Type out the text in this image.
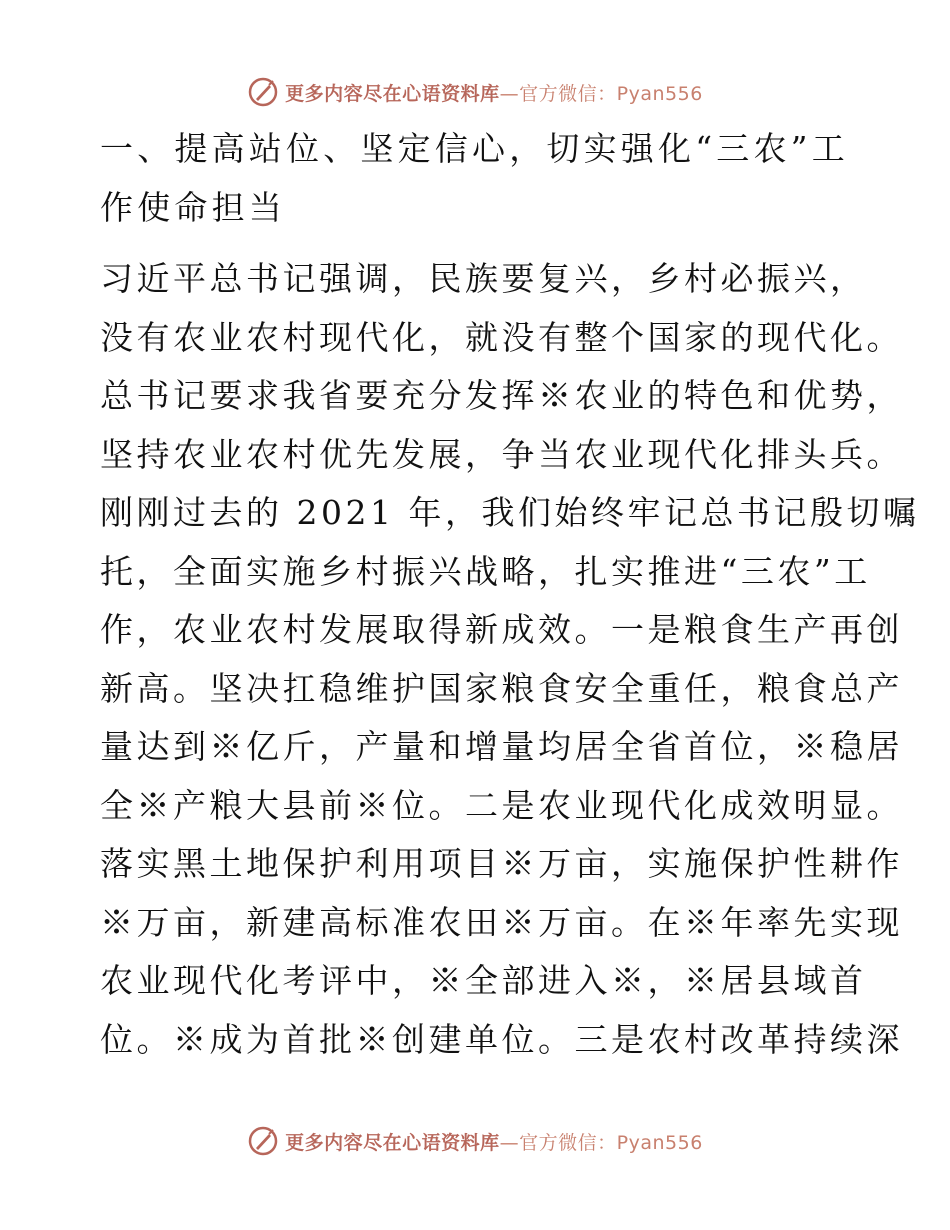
更多内容尽在心语资料库—官方微信：Pyan556
一、提高站位、坚定信心，切实强化“三农”工
作使命担当
习近平总书记强调，民族要复兴，乡村必振兴，
没有农业农村现代化，就没有整个国家的现代化。
总书记要求我省要充分发挥※农业的特色和优势，
坚持农业农村优先发展，争当农业现代化排头兵。
刚刚过去的 2021 年，我们始终牢记总书记殷切嘱
托，全面实施乡村振兴战略，扎实推进“三农”工
作，农业农村发展取得新成效。一是粮食生产再创
新高。坚决扛稳维护国家粮食安全重任，粮食总产
量达到※亿斤，产量和增量均居全省首位，※稳居
全※产粮大县前※位。二是农业现代化成效明显。
落实黑土地保护利用项目※万亩，实施保护性耕作
※万亩，新建高标准农田※万亩。在※年率先实现
农业现代化考评中，※全部进入※，※居县域首
位。※成为首批※创建单位。三是农村改革持续深
更多内容尽在心语资料库—官方微信：Pyan556
